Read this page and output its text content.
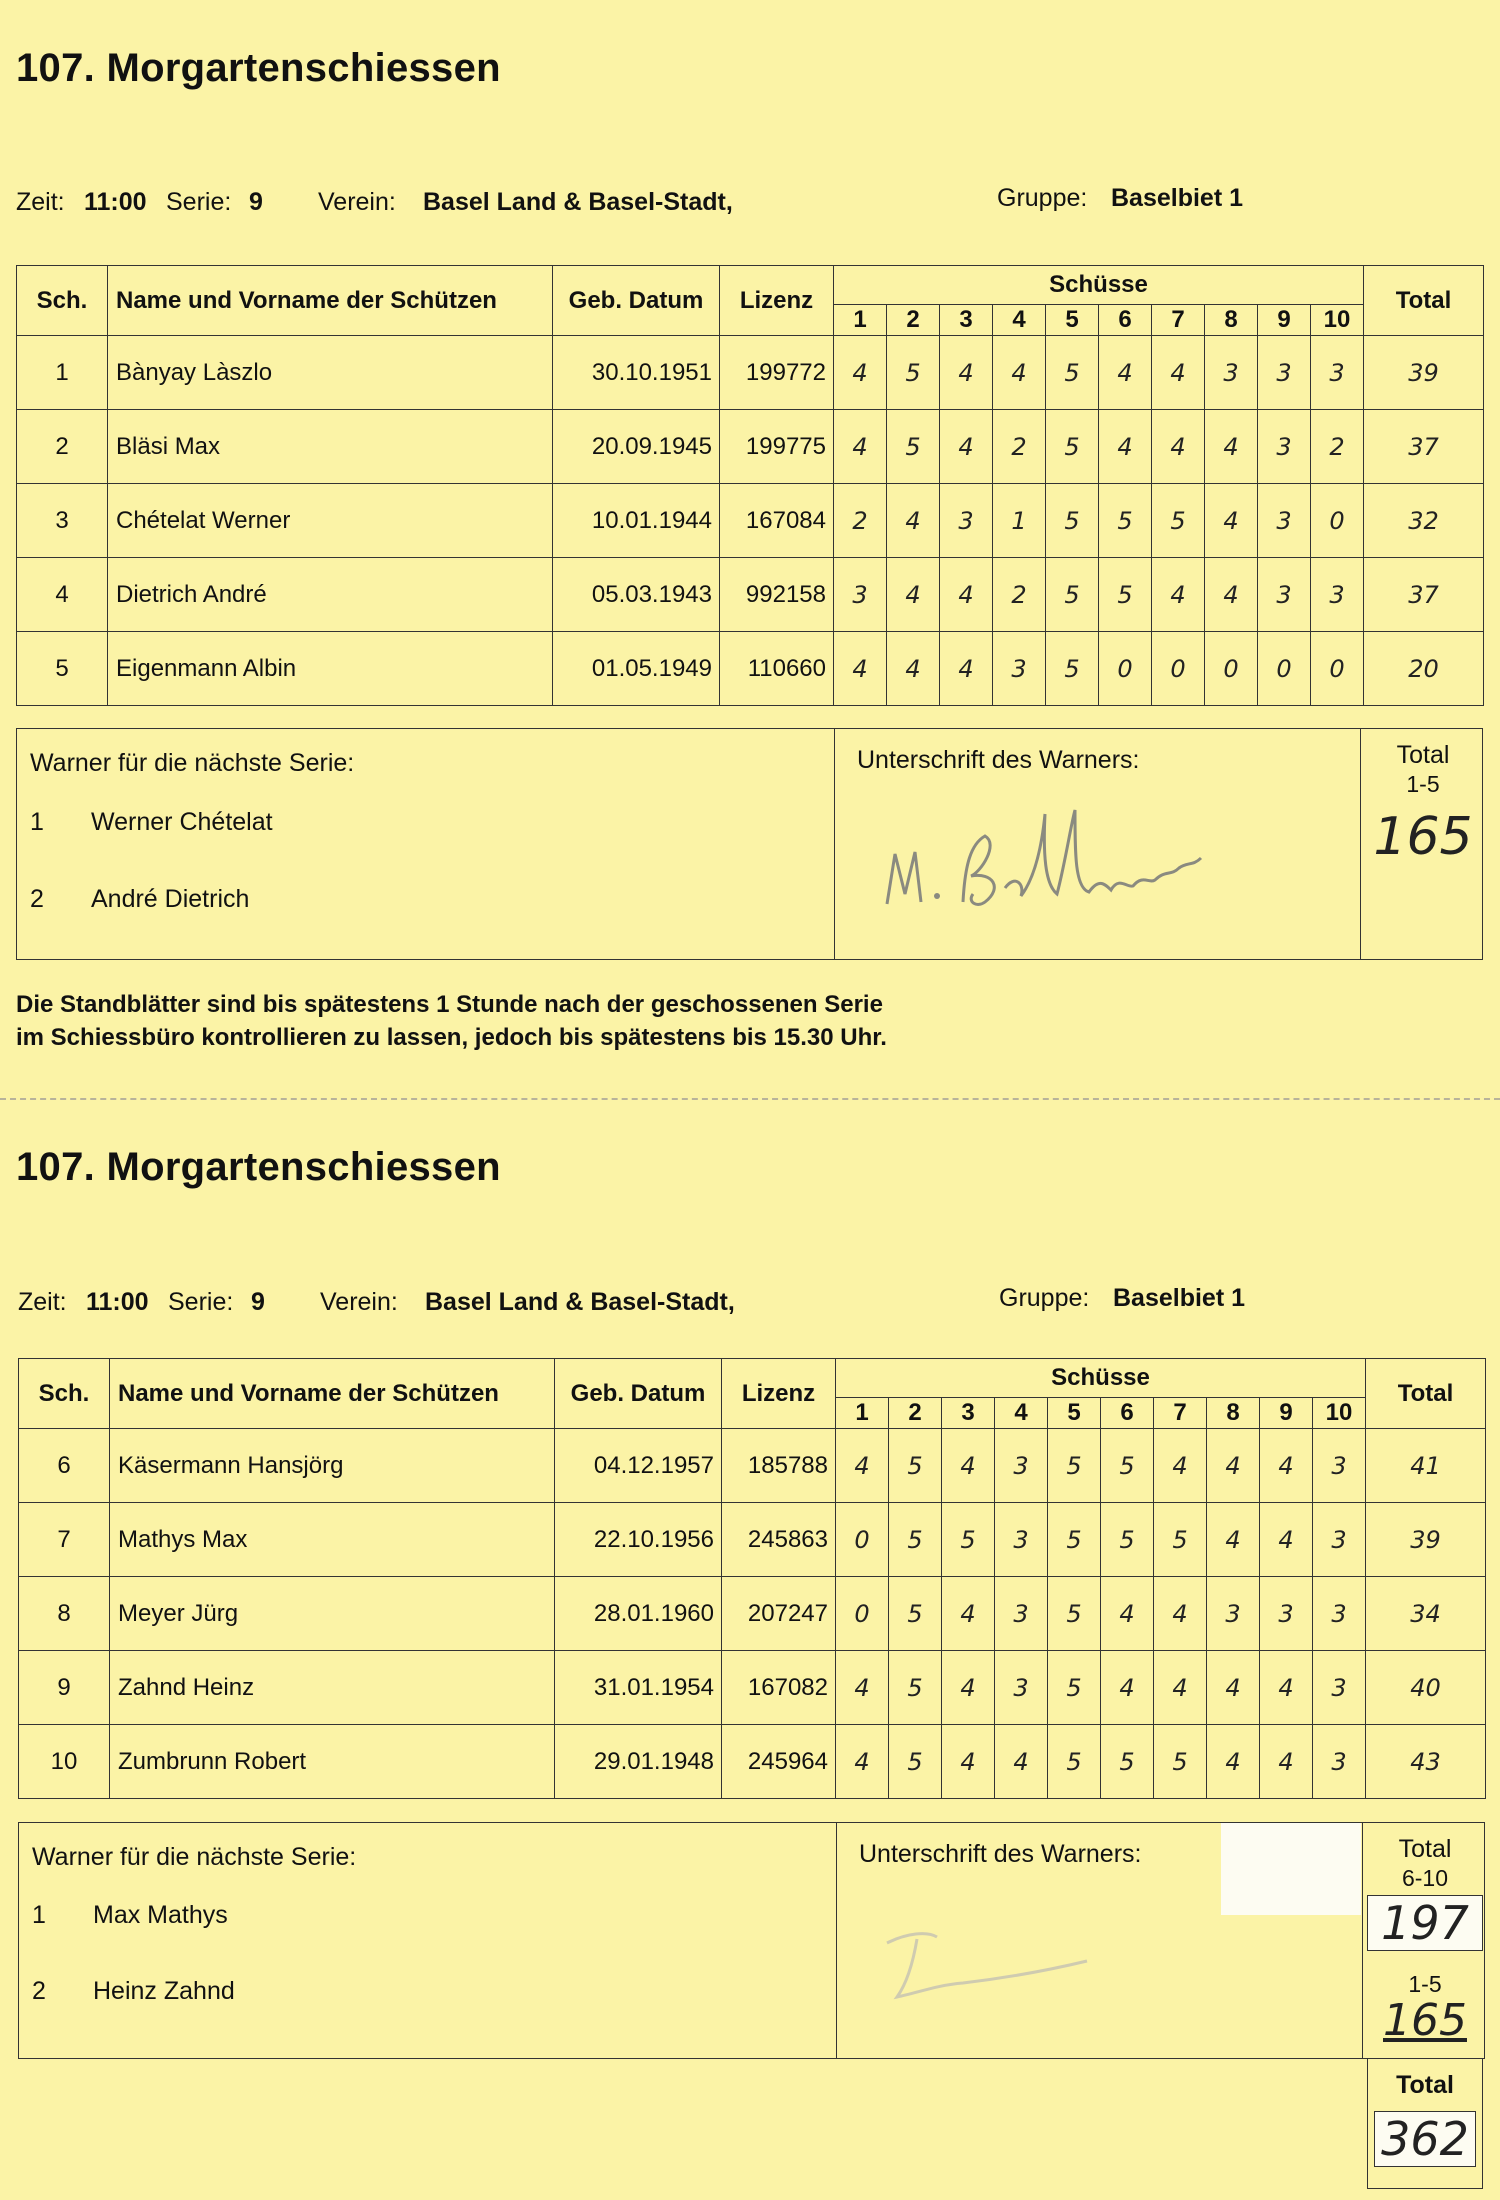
107. Morgartenschiessen
Zeit: 11:00 Serie: 9 Verein: Basel Land & Basel-Stadt,	Gruppe: Baselbiet 1
Sch.	Name und Vorname der Schützen	Geb. Datum	Lizenz	Schüsse										Total
				1	2	3	4	5	6	7	8	9	10	
1	Bànyay Làszlo	30.10.1951	199772	4	5	4	4	5	4	4	3	3	3	39
2	Bläsi Max	20.09.1945	199775	4	5	4	2	5	4	4	4	3	2	37
3	Chételat Werner	10.01.1944	167084	2	4	3	1	5	5	5	4	3	0	32
4	Dietrich André	05.03.1943	992158	3	4	4	2	5	5	4	4	3	3	37
5	Eigenmann Albin	01.05.1949	110660	4	4	4	3	5	0	0	0	0	0	20
Warner für die nächste Serie:
1 Werner Chételat
2 André Dietrich
Unterschrift des Warners:	Total
1-5
165
Die Standblätter sind bis spätestens 1 Stunde nach der geschossenen Serie
im Schiessbüro kontrollieren zu lassen, jedoch bis spätestens bis 15.30 Uhr.
107. Morgartenschiessen
Zeit: 11:00 Serie: 9 Verein: Basel Land & Basel-Stadt,	Gruppe: Baselbiet 1
Sch.	Name und Vorname der Schützen	Geb. Datum	Lizenz	Schüsse										Total
				1	2	3	4	5	6	7	8	9	10	
6	Käsermann Hansjörg	04.12.1957	185788	4	5	4	3	5	5	4	4	4	3	41
7	Mathys Max	22.10.1956	245863	0	5	5	3	5	5	5	4	4	3	39
8	Meyer Jürg	28.01.1960	207247	0	5	4	3	5	4	4	3	3	3	34
9	Zahnd Heinz	31.01.1954	167082	4	5	4	3	5	4	4	4	4	3	40
10	Zumbrunn Robert	29.01.1948	245964	4	5	4	4	5	5	5	4	4	3	43
Warner für die nächste Serie:
1 Max Mathys
2 Heinz Zahnd
Unterschrift des Warners:	Total
6-10
197
1-5
165
Total
362
